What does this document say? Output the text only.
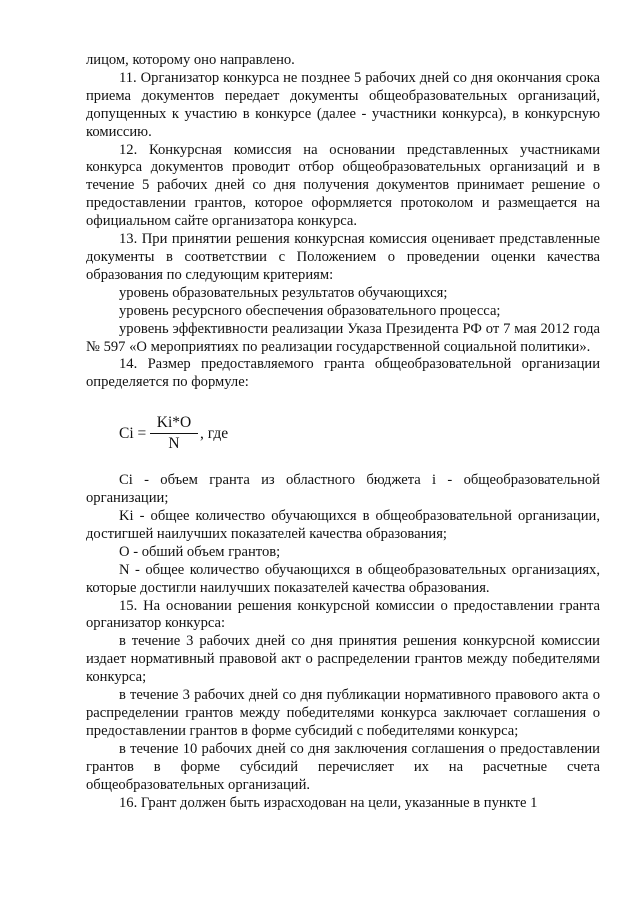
лицом, которому оно направлено.

11. Организатор конкурса не позднее 5 рабочих дней со дня окончания срока приема документов передает документы общеобразовательных организаций, допущенных к участию в конкурсе (далее - участники конкурса), в конкурсную комиссию.

12. Конкурсная комиссия на основании представленных участниками конкурса документов проводит отбор общеобразовательных организаций и в течение 5 рабочих дней со дня получения документов принимает решение о предоставлении грантов, которое оформляется протоколом и размещается на официальном сайте организатора конкурса.

13. При принятии решения конкурсная комиссия оценивает представленные документы в соответствии с Положением о проведении оценки качества образования по следующим критериям:

уровень образовательных результатов обучающихся;

уровень ресурсного обеспечения образовательного процесса;

уровень эффективности реализации Указа Президента РФ от 7 мая 2012 года № 597 «О мероприятиях по реализации государственной социальной политики».

14. Размер предоставляемого гранта общеобразовательной организации определяется по формуле:

Ci =
Ki*O
N
, где

Ci - объем гранта из областного бюджета i - общеобразовательной организации;

Ki - общее количество обучающихся в общеобразовательной организации, достигшей наилучших показателей качества образования;

O - обший объем грантов;

N - общее количество обучающихся в общеобразовательных организациях, которые достигли наилучших показателей качества образования.

15. На основании решения конкурсной комиссии о предоставлении гранта организатор конкурса:

в течение 3 рабочих дней со дня принятия решения конкурсной комиссии издает нормативный правовой акт о распределении грантов между победителями конкурса;

в течение 3 рабочих дней со дня публикации нормативного правового акта о распределении грантов между победителями конкурса заключает соглашения о предоставлении грантов в форме субсидий с победителями конкурса;

в течение 10 рабочих дней со дня заключения соглашения о предоставлении грантов в форме субсидий перечисляет их на расчетные счета общеобразовательных организаций.

16. Грант должен быть израсходован на цели, указанные в пункте 1
